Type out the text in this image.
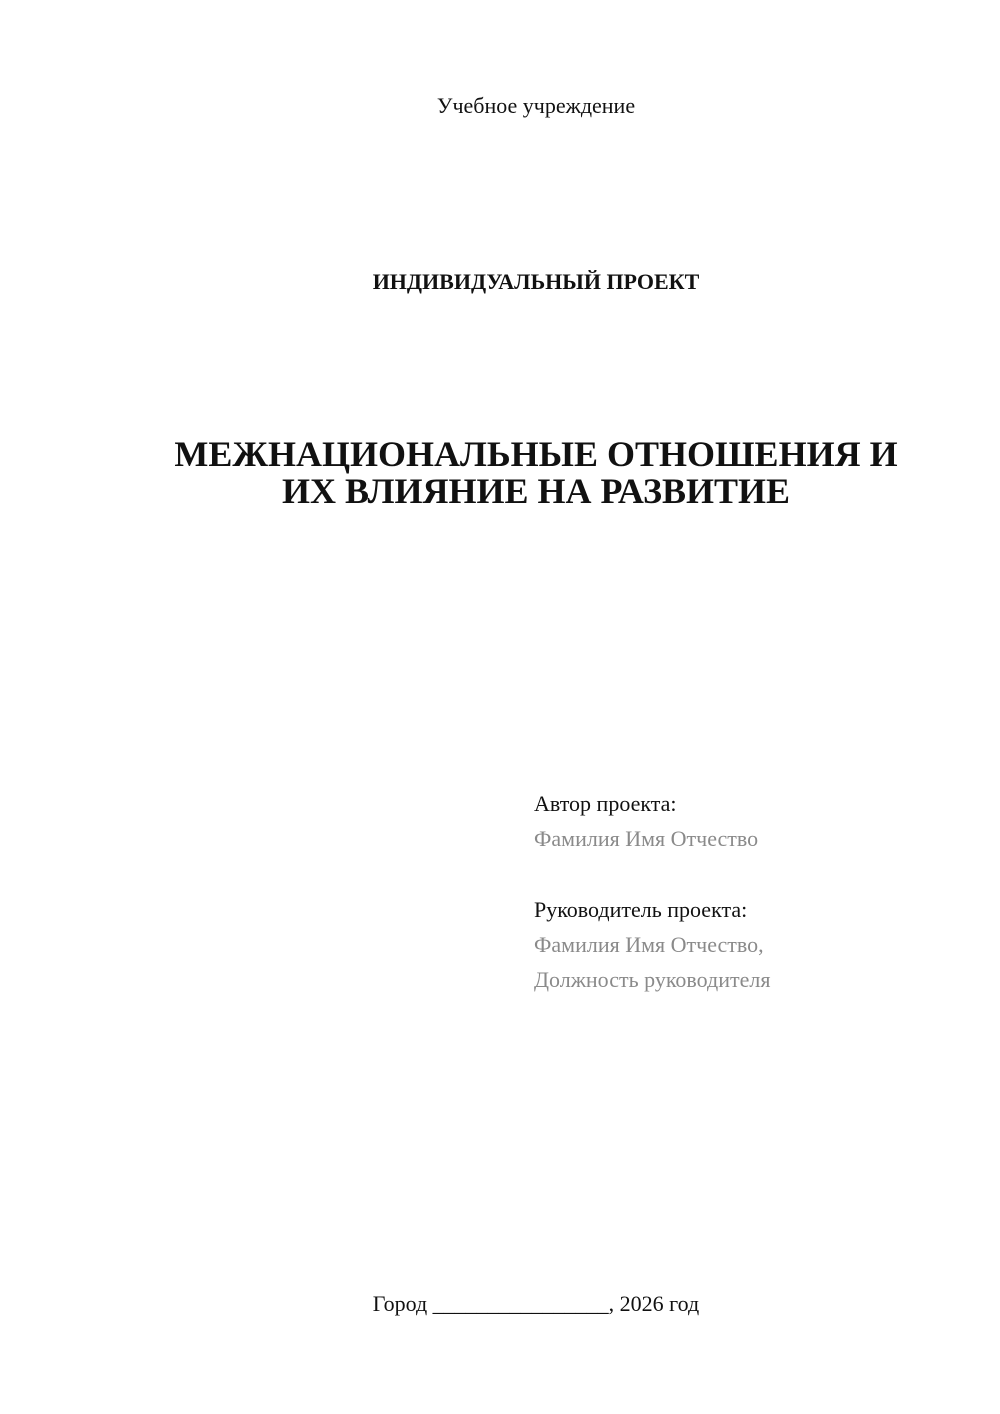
Учебное учреждение
ИНДИВИДУАЛЬНЫЙ ПРОЕКТ
МЕЖНАЦИОНАЛЬНЫЕ ОТНОШЕНИЯ И
ИХ ВЛИЯНИЕ НА РАЗВИТИЕ
Автор проекта:
Фамилия Имя Отчество
Руководитель проекта:
Фамилия Имя Отчество,
Должность руководителя
Город ________________, 2026 год
